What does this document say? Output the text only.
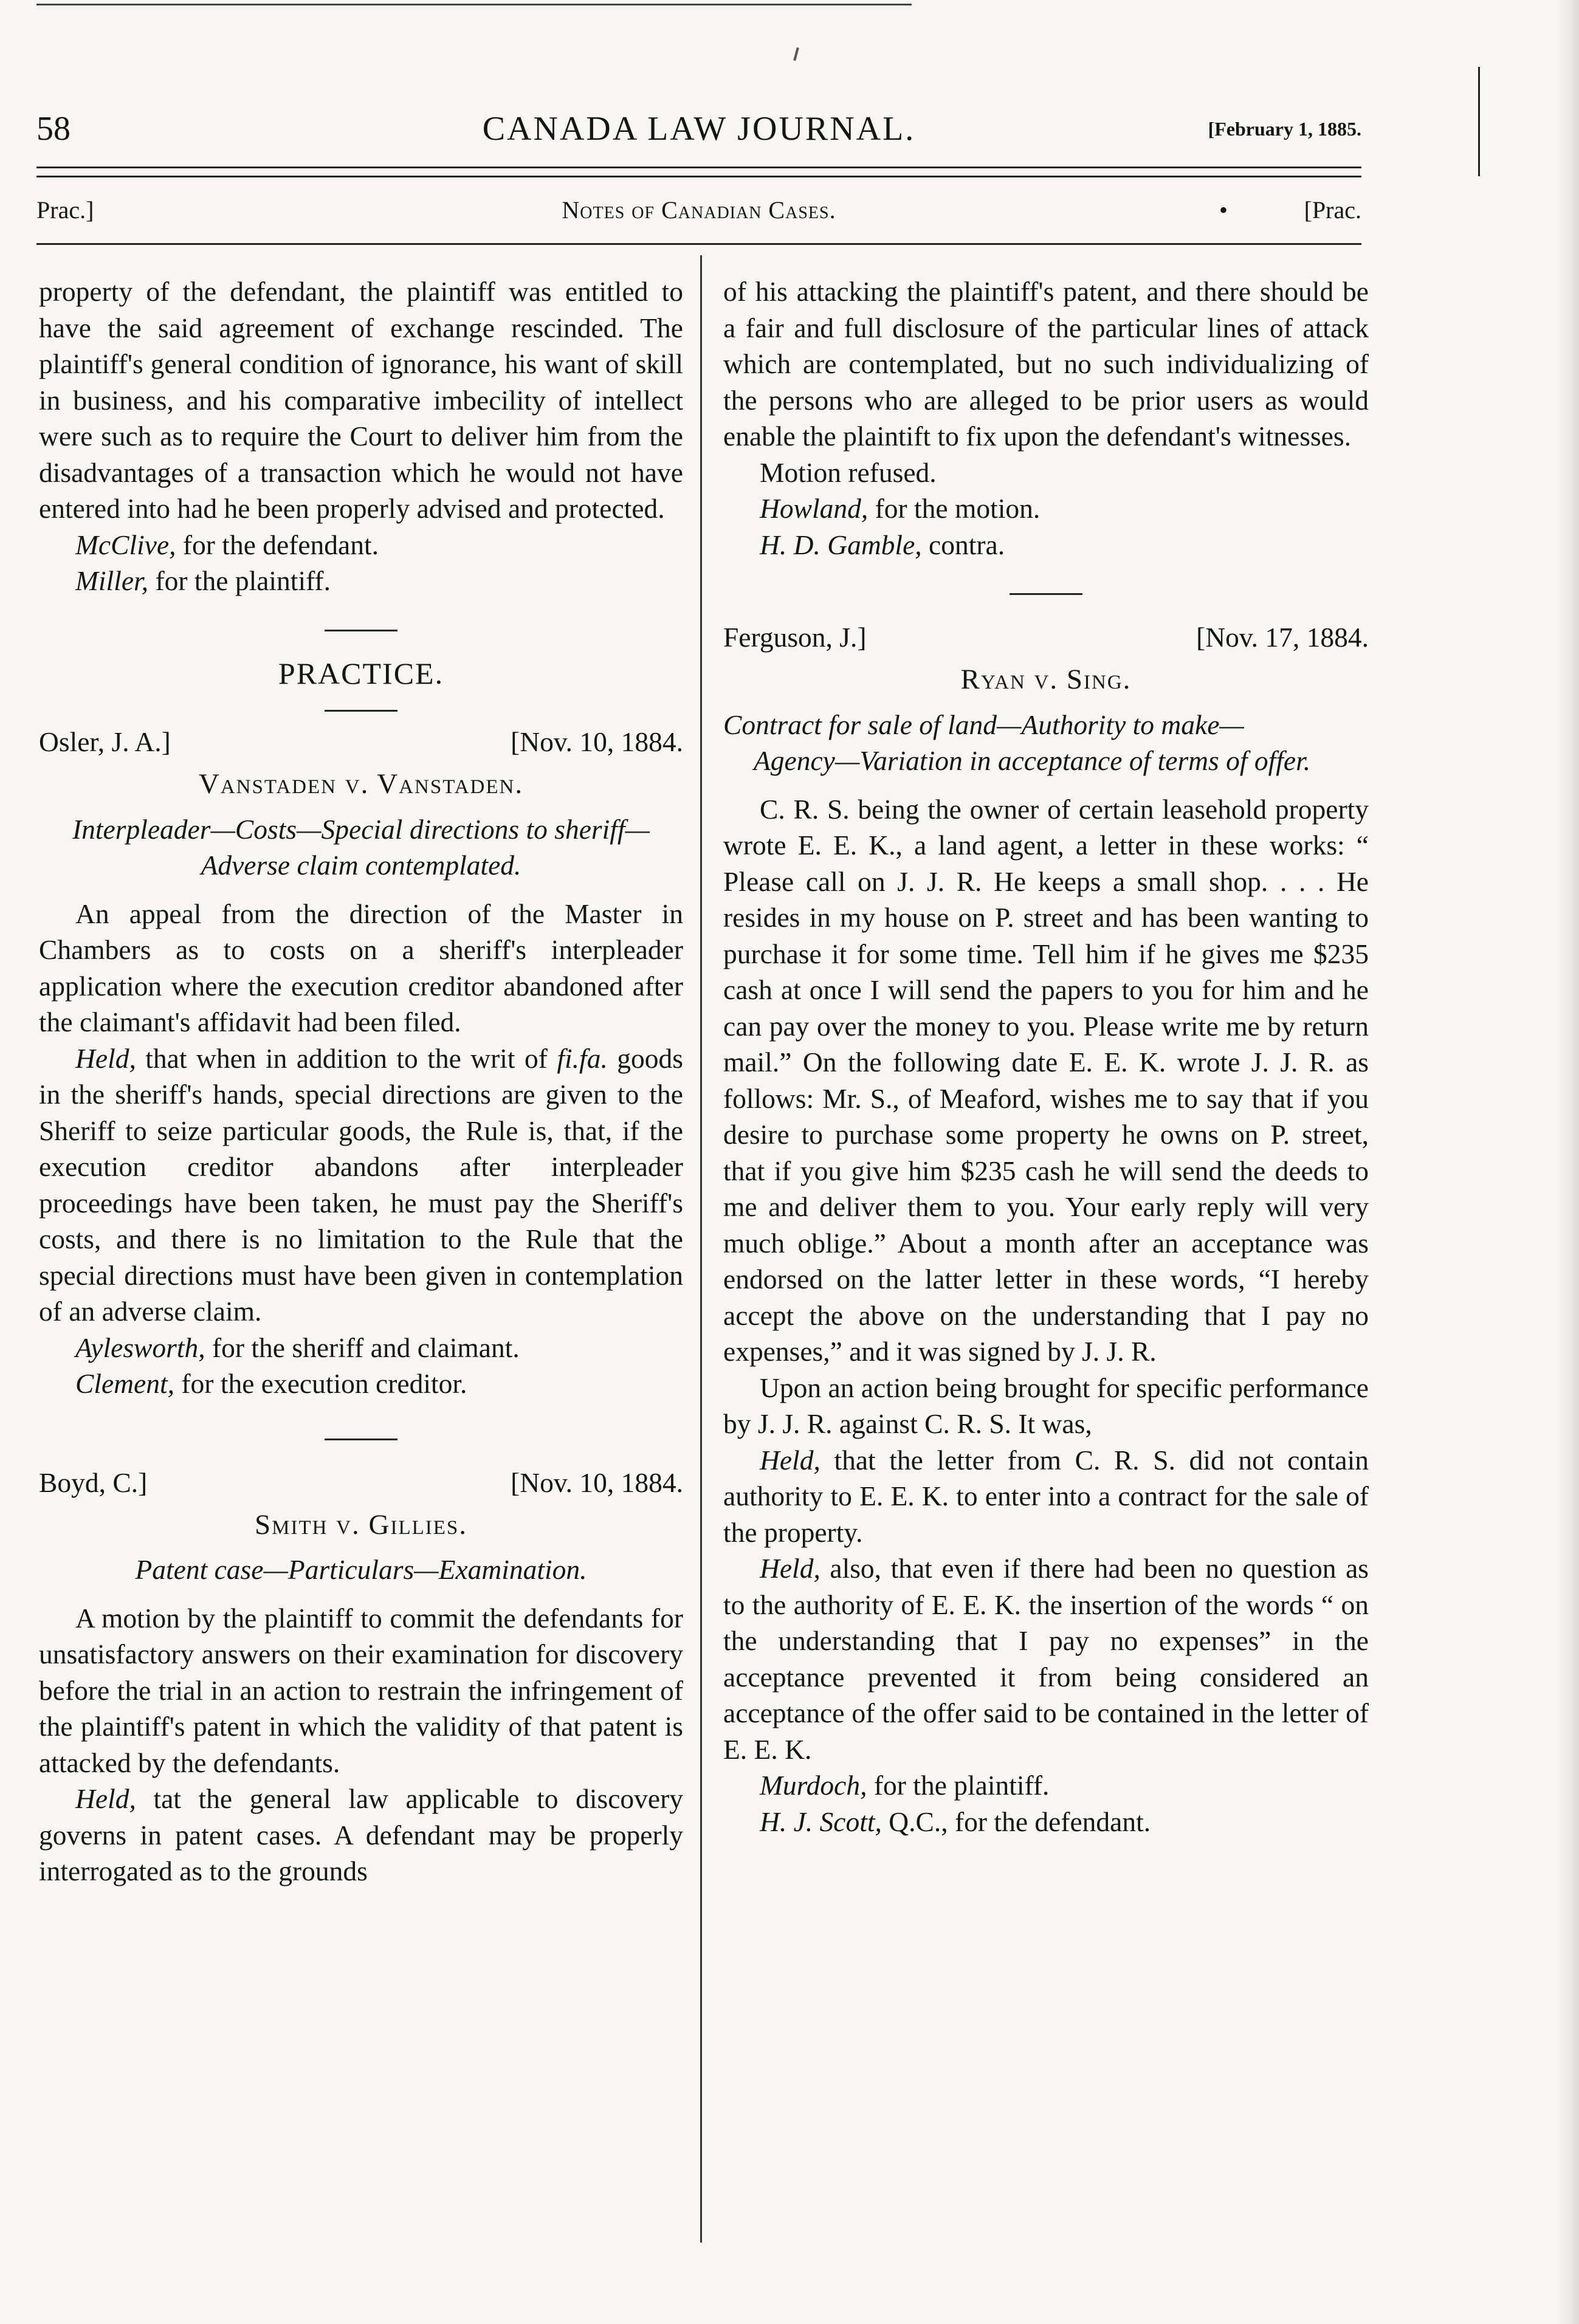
58	CANADA LAW JOURNAL.	[February 1, 1885.
Prac.]	Notes of Canadian Cases.	•	[Prac.

property of the defendant, the plaintiff was entitled to have the said agreement of exchange rescinded. The plaintiff's general condition of ignorance, his want of skill in business, and his comparative imbecility of intellect were such as to require the Court to deliver him from the disadvantages of a transaction which he would not have entered into had he been properly advised and protected.

McClive, for the defendant.

Miller, for the plaintiff.

PRACTICE.
Osler, J. A.]	[Nov. 10, 1884.
Vanstaden v. Vanstaden.
Interpleader—Costs—Special directions to sheriff—
Adverse claim contemplated.

An appeal from the direction of the Master in Chambers as to costs on a sheriff's interpleader application where the execution creditor abandoned after the claimant's affidavit had been filed.

Held, that when in addition to the writ of fi.fa. goods in the sheriff's hands, special directions are given to the Sheriff to seize particular goods, the Rule is, that, if the execution creditor abandons after interpleader proceedings have been taken, he must pay the Sheriff's costs, and there is no limitation to the Rule that the special directions must have been given in contemplation of an adverse claim.

Aylesworth, for the sheriff and claimant.

Clement, for the execution creditor.

Boyd, C.]	[Nov. 10, 1884.
Smith v. Gillies.
Patent case—Particulars—Examination.

A motion by the plaintiff to commit the defendants for unsatisfactory answers on their examination for discovery before the trial in an action to restrain the infringement of the plaintiff's patent in which the validity of that patent is attacked by the defendants.

Held, tat the general law applicable to discovery governs in patent cases. A defendant may be properly interrogated as to the grounds

of his attacking the plaintiff's patent, and there should be a fair and full disclosure of the particular lines of attack which are contemplated, but no such individualizing of the persons who are alleged to be prior users as would enable the plaintift to fix upon the defendant's witnesses.

Motion refused.

Howland, for the motion.

H. D. Gamble, contra.

Ferguson, J.]	[Nov. 17, 1884.
Ryan v. Sing.
Contract for sale of land—Authority to make—
Agency—Variation in acceptance of terms of offer.

C. R. S. being the owner of certain leasehold property wrote E. E. K., a land agent, a letter in these works: “ Please call on J. J. R. He keeps a small shop. . . . He resides in my house on P. street and has been wanting to purchase it for some time. Tell him if he gives me $235 cash at once I will send the papers to you for him and he can pay over the money to you. Please write me by return mail.” On the following date E. E. K. wrote J. J. R. as follows: Mr. S., of Meaford, wishes me to say that if you desire to purchase some property he owns on P. street, that if you give him $235 cash he will send the deeds to me and deliver them to you. Your early reply will very much oblige.” About a month after an acceptance was endorsed on the latter letter in these words, “I hereby accept the above on the understanding that I pay no expenses,” and it was signed by J. J. R.

Upon an action being brought for specific performance by J. J. R. against C. R. S. It was,

Held, that the letter from C. R. S. did not contain authority to E. E. K. to enter into a contract for the sale of the property.

Held, also, that even if there had been no question as to the authority of E. E. K. the insertion of the words “ on the understanding that I pay no expenses” in the acceptance prevented it from being considered an acceptance of the offer said to be contained in the letter of E. E. K.

Murdoch, for the plaintiff.

H. J. Scott, Q.C., for the defendant.
